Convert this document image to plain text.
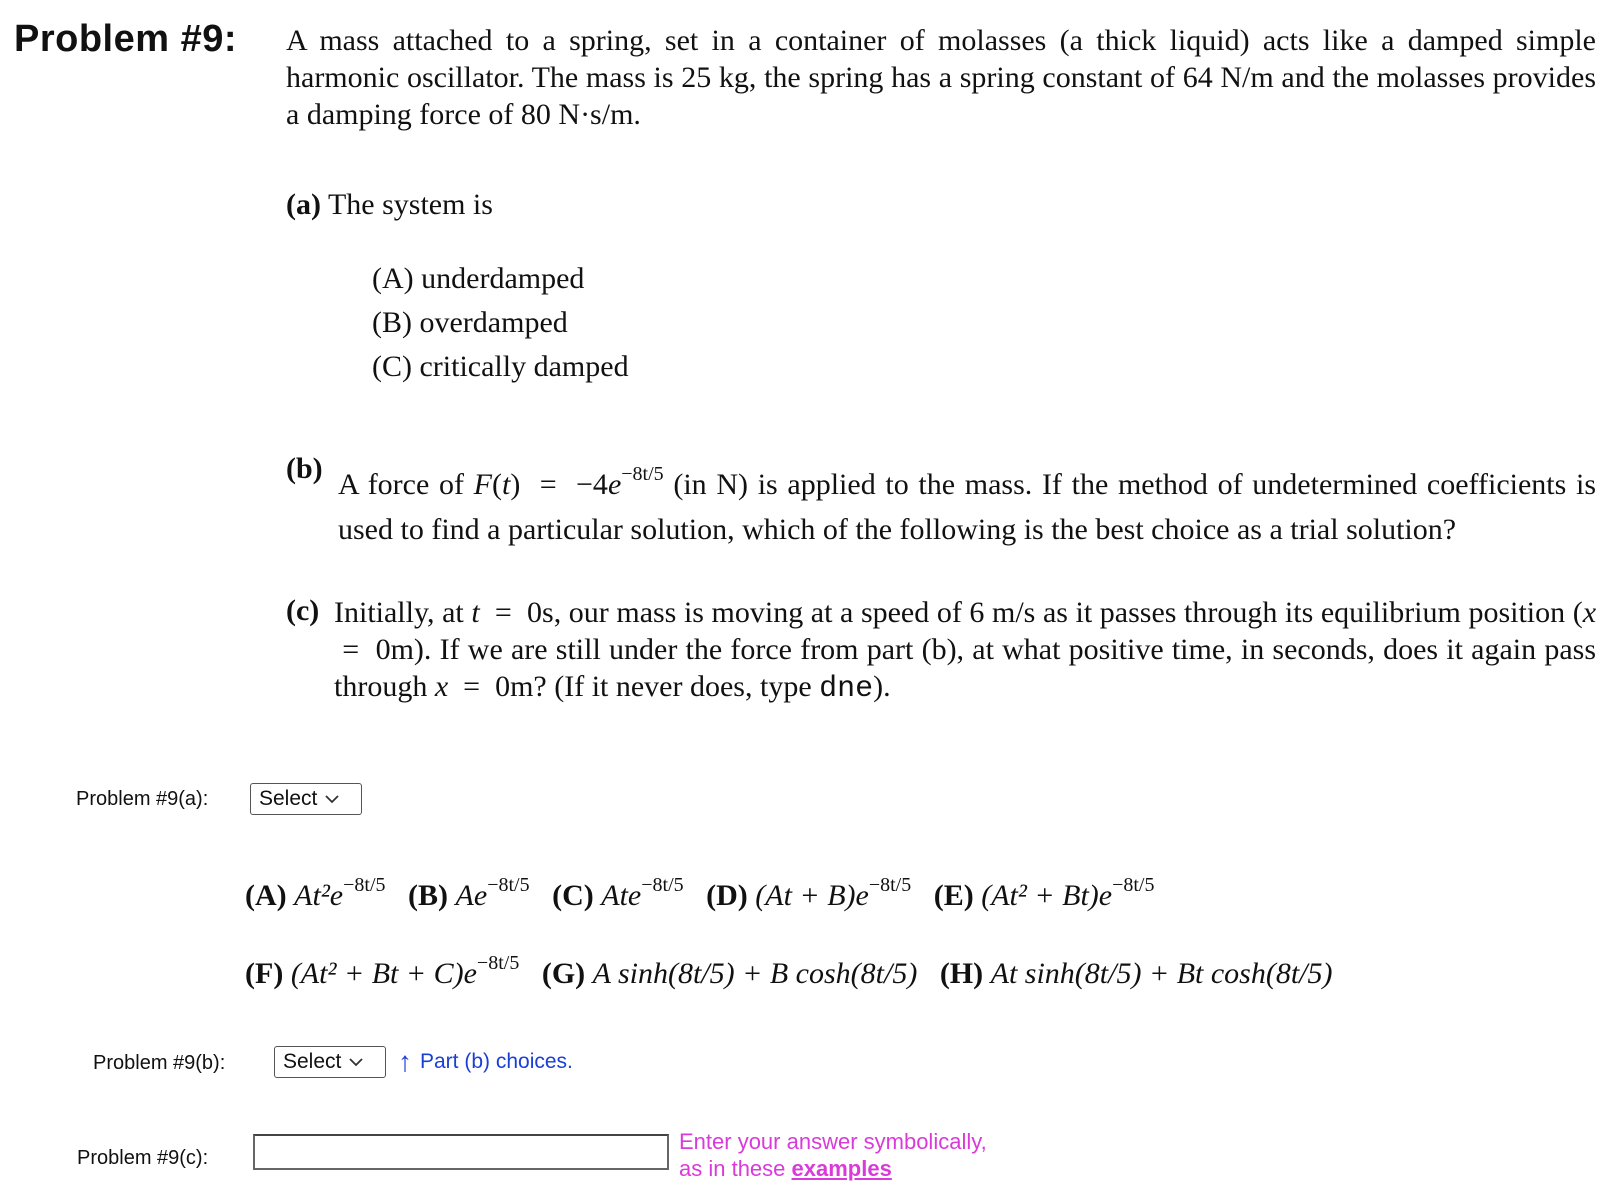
Problem #9: A mass attached to a spring, set in a container of molasses (a thick liquid) acts like a damped simple harmonic oscillator. The mass is 25 kg, the spring has a spring constant of 64 N/m and the molasses provides a damping force of 80 N·s/m.
(a) The system is
(A) underdamped
(B) overdamped
(C) critically damped
(b) A force of $F(t) = -4e^{-8t/5}$ (in N) is applied to the mass. If the method of undetermined coefficients is used to find a particular solution, which of the following is the best choice as a trial solution?
(c) Initially, at t = 0s, our mass is moving at a speed of 6 m/s as it passes through its equilibrium position (x  = 0m). If we are still under the force from part (b), at what positive time, in seconds, does it again pass through x = 0m? (If it never does, type dne).
Problem #9(a): Select
(A) $At^2e^{-8t/5}$ (B) $Ae^{-8t/5}$ (C) Ate$^{-8t/5}$ (D) $(At + B)e^{-8t/5}$ (E) $(At^2 + Bt)e^{-8t/5}$
(F) $(At^2 + Bt + C)e^{-8t/5}$ (G) A sinh(8t/5) + B cosh(8t/5) (H) At sinh(8t/5) + Bt cosh(8t/5)
Problem #9(b):	Select ↑ Part (b) choices.
Problem #9(c):
Enter your answer symbolically,
as in these examples
